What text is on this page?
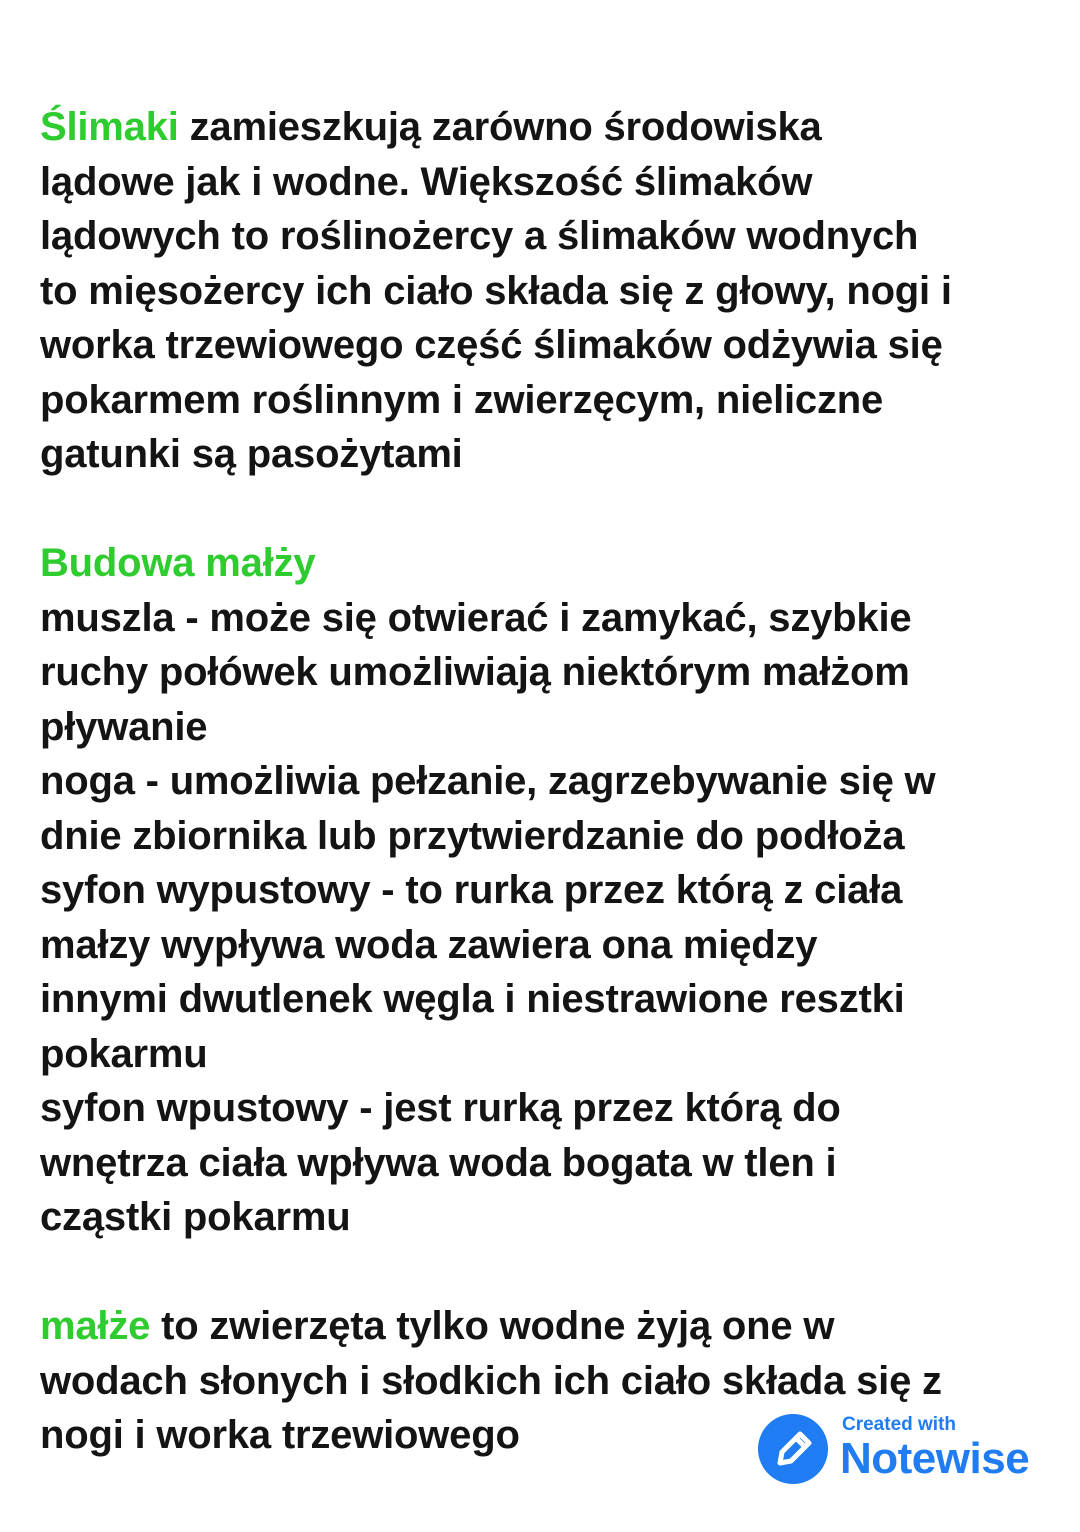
Ślimaki zamieszkują zarówno środowiska
lądowe jak i wodne. Większość ślimaków
lądowych to roślinożercy a ślimaków wodnych
to mięsożercy ich ciało składa się z głowy, nogi i
worka trzewiowego część ślimaków odżywia się
pokarmem roślinnym i zwierzęcym, nieliczne
gatunki są pasożytami

Budowa małży
muszla - może się otwierać i zamykać, szybkie
ruchy połówek umożliwiają niektórym małżom
pływanie
noga - umożliwia pełzanie, zagrzebywanie się w
dnie zbiornika lub przytwierdzanie do podłoża
syfon wypustowy - to rurka przez którą z ciała
małzy wypływa woda zawiera ona między
innymi dwutlenek węgla i niestrawione resztki
pokarmu
syfon wpustowy - jest rurką przez którą do
wnętrza ciała wpływa woda bogata w tlen i
cząstki pokarmu

małże to zwierzęta tylko wodne żyją one w
wodach słonych i słodkich ich ciało składa się z
nogi i worka trzewiowego	Created with
Notewise
